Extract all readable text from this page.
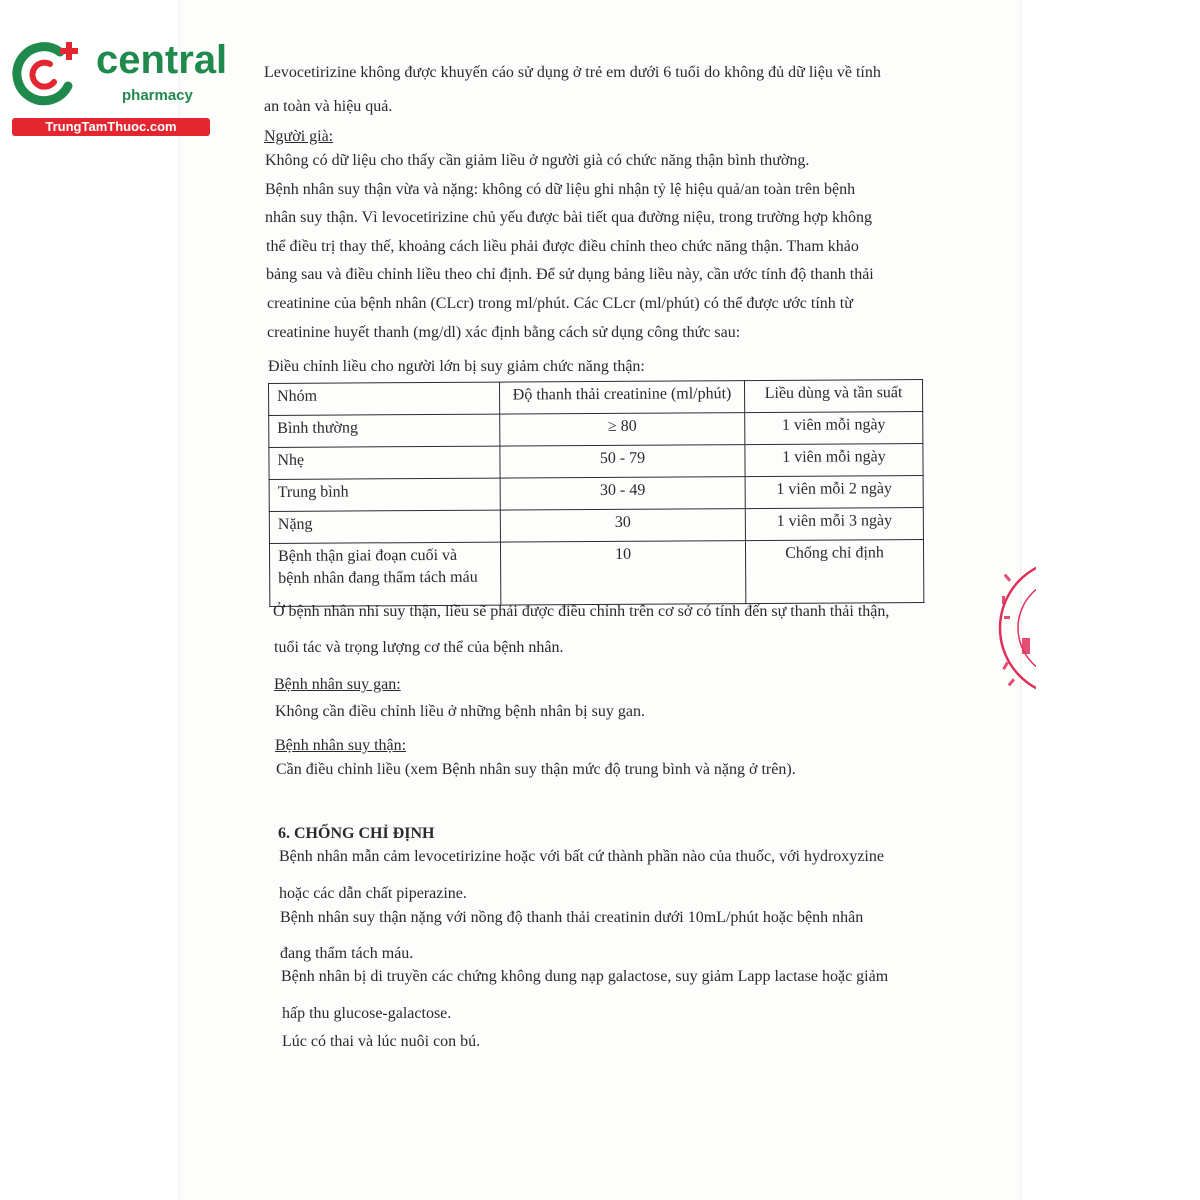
central
pharmacy
TrungTamThuoc.com
Levocetirizine không được khuyến cáo sử dụng ở trẻ em dưới 6 tuổi do không đủ dữ liệu về tính
an toàn và hiệu quả.
Người già:
Không có dữ liệu cho thấy cần giảm liều ở người già có chức năng thận bình thường.
Bệnh nhân suy thận vừa và nặng: không có dữ liệu ghi nhận tỷ lệ hiệu quả/an toàn trên bệnh
nhân suy thận. Vì levocetirizine chủ yếu được bài tiết qua đường niệu, trong trường hợp không
thể điều trị thay thế, khoảng cách liều phải được điều chỉnh theo chức năng thận. Tham khảo
bảng sau và điều chỉnh liều theo chỉ định. Để sử dụng bảng liều này, cần ước tính độ thanh thải
creatinine của bệnh nhân (CLcr) trong ml/phút. Các CLcr (ml/phút) có thể được ước tính từ
creatinine huyết thanh (mg/dl) xác định bằng cách sử dụng công thức sau:
Điều chỉnh liều cho người lớn bị suy giảm chức năng thận:
Nhóm	Độ thanh thải creatinine (ml/phút)	Liều dùng và tần suất
Bình thường	≥ 80	1 viên mỗi ngày
Nhẹ	50 - 79	1 viên mỗi ngày
Trung bình	30 - 49	1 viên mỗi 2 ngày
Nặng	30	1 viên mỗi 3 ngày

Bệnh thận giai đoạn cuối và
bệnh nhân đang thẩm tách máu	10	Chống chỉ định
Ở bệnh nhân nhi suy thận, liều sẽ phải được điều chỉnh trên cơ sở có tính đến sự thanh thải thận,
tuổi tác và trọng lượng cơ thể của bệnh nhân.
Bệnh nhân suy gan:
Không cần điều chỉnh liều ở những bệnh nhân bị suy gan.
Bệnh nhân suy thận:
Cần điều chỉnh liều (xem Bệnh nhân suy thận mức độ trung bình và nặng ở trên).
6. CHỐNG CHỈ ĐỊNH
Bệnh nhân mẫn cảm levocetirizine hoặc với bất cứ thành phần nào của thuốc, với hydroxyzine
hoặc các dẫn chất piperazine.
Bệnh nhân suy thận nặng với nồng độ thanh thải creatinin dưới 10mL/phút hoặc bệnh nhân
đang thẩm tách máu.
Bệnh nhân bị di truyền các chứng không dung nạp galactose, suy giảm Lapp lactase hoặc giảm
hấp thu glucose-galactose.
Lúc có thai và lúc nuôi con bú.
